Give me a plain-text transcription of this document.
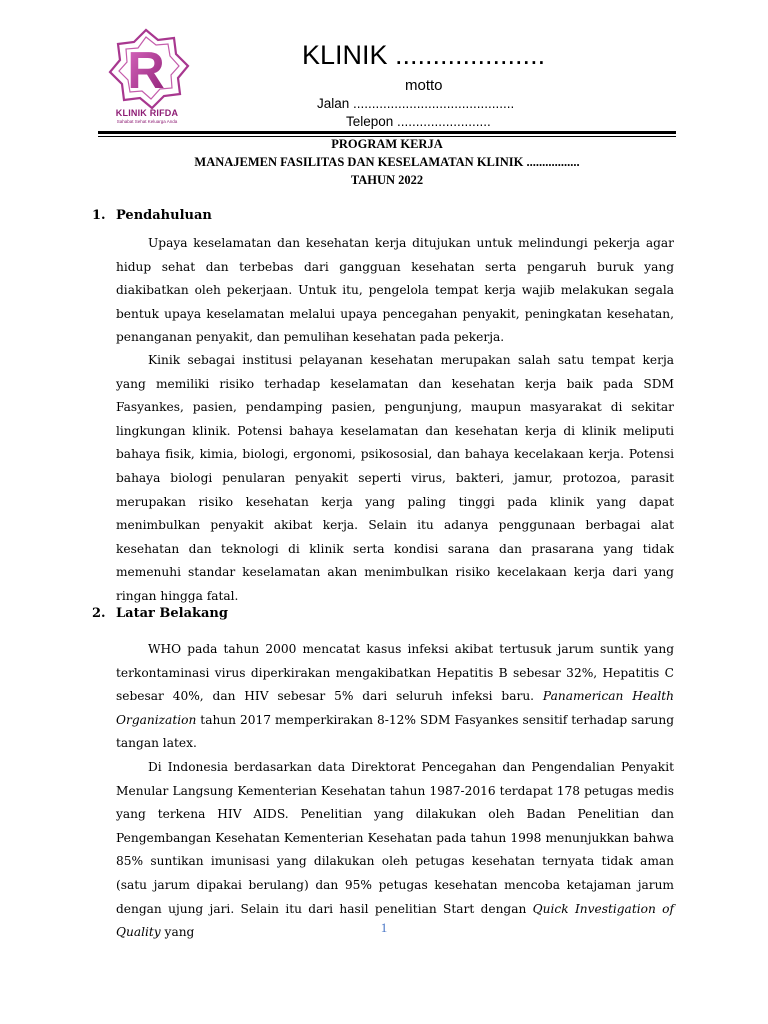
R
KLINIK RIFDA
Sahabat Sehat Keluarga Anda
KLINIK ....................
motto
Jalan ...........................................
Telepon .........................
PROGRAM KERJA
MANAJEMEN FASILITAS DAN KESELAMATAN KLINIK .................
TAHUN 2022
1. Pendahuluan

Upaya keselamatan dan kesehatan kerja ditujukan untuk melindungi pekerja agar hidup sehat dan terbebas dari gangguan kesehatan serta pengaruh buruk yang diakibatkan oleh pekerjaan. Untuk itu, pengelola tempat kerja wajib melakukan segala bentuk upaya keselamatan melalui upaya pencegahan penyakit, peningkatan kesehatan, penanganan penyakit, dan pemulihan kesehatan pada pekerja.

Kinik sebagai institusi pelayanan kesehatan merupakan salah satu tempat kerja yang memiliki risiko terhadap keselamatan dan kesehatan kerja baik pada SDM Fasyankes, pasien, pendamping pasien, pengunjung, maupun masyarakat di sekitar lingkungan klinik. Potensi bahaya keselamatan dan kesehatan kerja di klinik meliputi bahaya fisik, kimia, biologi, ergonomi, psikososial, dan bahaya kecelakaan kerja. Potensi bahaya biologi penularan penyakit seperti virus, bakteri, jamur, protozoa, parasit merupakan risiko kesehatan kerja yang paling tinggi pada klinik yang dapat menimbulkan penyakit akibat kerja. Selain itu adanya penggunaan berbagai alat kesehatan dan teknologi di klinik serta kondisi sarana dan prasarana yang tidak memenuhi standar keselamatan akan menimbulkan risiko kecelakaan kerja dari yang ringan hingga fatal.

2. Latar Belakang

WHO pada tahun 2000 mencatat kasus infeksi akibat tertusuk jarum suntik yang terkontaminasi virus diperkirakan mengakibatkan Hepatitis B sebesar 32%, Hepatitis C sebesar 40%, dan HIV sebesar 5% dari seluruh infeksi baru. Panamerican Health Organization tahun 2017 memperkirakan 8-12% SDM Fasyankes sensitif terhadap sarung tangan latex.

Di Indonesia berdasarkan data Direktorat Pencegahan dan Pengendalian Penyakit Menular Langsung Kementerian Kesehatan tahun 1987-2016 terdapat 178 petugas medis yang terkena HIV AIDS. Penelitian yang dilakukan oleh Badan Penelitian dan Pengembangan Kesehatan Kementerian Kesehatan pada tahun 1998 menunjukkan bahwa 85% suntikan imunisasi yang dilakukan oleh petugas kesehatan ternyata tidak aman (satu jarum dipakai berulang) dan 95% petugas kesehatan mencoba ketajaman jarum dengan ujung jari. Selain itu dari hasil penelitian Start dengan Quick Investigation of Quality yang	1
